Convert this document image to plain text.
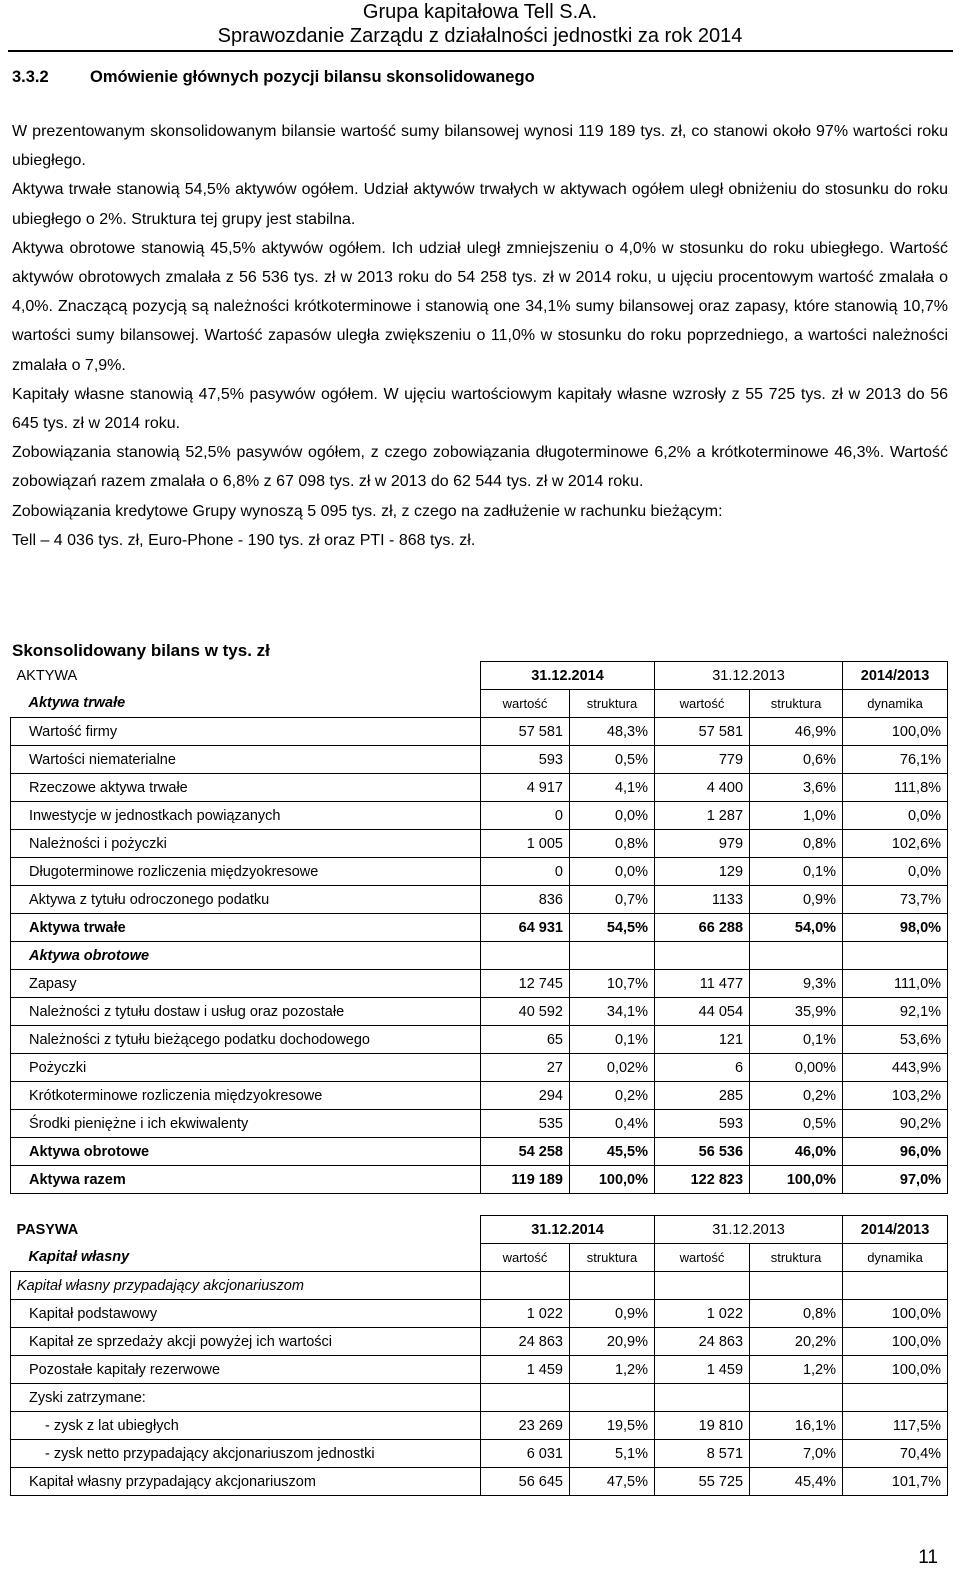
Grupa kapitałowa Tell S.A.
Sprawozdanie Zarządu z działalności jednostki za rok 2014
3.3.2	Omówienie głównych pozycji bilansu skonsolidowanego

W prezentowanym skonsolidowanym bilansie wartość sumy bilansowej wynosi 119 189 tys. zł, co stanowi około 97% wartości roku ubiegłego.

Aktywa trwałe stanowią 54,5% aktywów ogółem. Udział aktywów trwałych w aktywach ogółem uległ obniżeniu do stosunku do roku ubiegłego o 2%. Struktura tej grupy jest stabilna.

Aktywa obrotowe stanowią 45,5% aktywów ogółem. Ich udział uległ zmniejszeniu o 4,0% w stosunku do roku ubiegłego. Wartość aktywów obrotowych zmalała z 56 536 tys. zł w 2013 roku do 54 258 tys. zł w 2014 roku, u ujęciu procentowym wartość zmalała o 4,0%. Znaczącą pozycją są należności krótkoterminowe i stanowią one 34,1% sumy bilansowej oraz zapasy, które stanowią 10,7% wartości sumy bilansowej. Wartość zapasów uległa zwiększeniu o 11,0% w stosunku do roku poprzedniego, a wartości należności zmalała o 7,9%.

Kapitały własne stanowią 47,5% pasywów ogółem. W ujęciu wartościowym kapitały własne wzrosły z 55 725 tys. zł w 2013 do 56 645 tys. zł w 2014 roku.

Zobowiązania stanowią 52,5% pasywów ogółem, z czego zobowiązania długoterminowe 6,2% a krótkoterminowe 46,3%. Wartość zobowiązań razem zmalała o 6,8% z 67 098 tys. zł w 2013 do 62 544 tys. zł w 2014 roku.

Zobowiązania kredytowe Grupy wynoszą 5 095 tys. zł, z czego na zadłużenie w rachunku bieżącym:

Tell – 4 036 tys. zł, Euro-Phone - 190 tys. zł oraz PTI - 868 tys. zł.

Skonsolidowany bilans w tys. zł
AKTYWA	31.12.2014		31.12.2013		2014/2013
Aktywa trwałe	wartość	struktura	wartość	struktura	dynamika
Wartość firmy	57 581	48,3%	57 581	46,9%	100,0%
Wartości niematerialne	593	0,5%	779	0,6%	76,1%
Rzeczowe aktywa trwałe	4 917	4,1%	4 400	3,6%	111,8%
Inwestycje w jednostkach powiązanych	0	0,0%	1 287	1,0%	0,0%
Należności i pożyczki	1 005	0,8%	979	0,8%	102,6%
Długoterminowe rozliczenia międzyokresowe	0	0,0%	129	0,1%	0,0%
Aktywa z tytułu odroczonego podatku	836	0,7%	1133	0,9%	73,7%
Aktywa trwałe	64 931	54,5%	66 288	54,0%	98,0%
Aktywa obrotowe					
Zapasy	12 745	10,7%	11 477	9,3%	111,0%
Należności z tytułu dostaw i usług oraz pozostałe	40 592	34,1%	44 054	35,9%	92,1%
Należności z tytułu bieżącego podatku dochodowego	65	0,1%	121	0,1%	53,6%
Pożyczki	27	0,02%	6	0,00%	443,9%
Krótkoterminowe rozliczenia międzyokresowe	294	0,2%	285	0,2%	103,2%
Środki pieniężne i ich ekwiwalenty	535	0,4%	593	0,5%	90,2%
Aktywa obrotowe	54 258	45,5%	56 536	46,0%	96,0%
Aktywa razem	119 189	100,0%	122 823	100,0%	97,0%
PASYWA	31.12.2014		31.12.2013		2014/2013
Kapitał własny	wartość	struktura	wartość	struktura	dynamika
Kapitał własny przypadający akcjonariuszom					
Kapitał podstawowy	1 022	0,9%	1 022	0,8%	100,0%
Kapitał ze sprzedaży akcji powyżej ich wartości	24 863	20,9%	24 863	20,2%	100,0%
Pozostałe kapitały rezerwowe	1 459	1,2%	1 459	1,2%	100,0%
Zyski zatrzymane:					
- zysk z lat ubiegłych	23 269	19,5%	19 810	16,1%	117,5%
- zysk netto przypadający akcjonariuszom jednostki	6 031	5,1%	8 571	7,0%	70,4%
Kapitał własny przypadający akcjonariuszom	56 645	47,5%	55 725	45,4%	101,7%
11
